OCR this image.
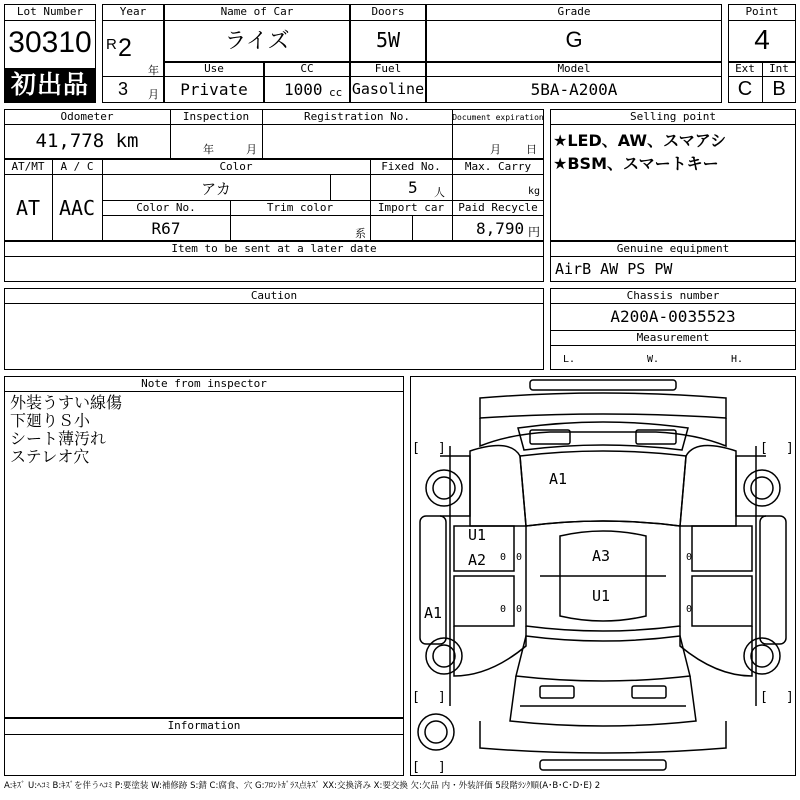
Lot Number
30310
初出品
Year
R 2
年
3 月
Name of Car
ライズ
Doors
5W
Grade
G
Point
4
Use
Private
CC
1000 cc
Fuel
Gasoline
Model
5BA-A200A
Ext	Int
C	B
Odometer
41,778 km
Inspection
年	月
Registration No.	Document expiration
月 日
Selling point
★LED、AW、スマアシ
★BSM、スマートキー
AT/MT
AT
A / C
AAC
Color
アカ
Fixed No.
5 人
Max. Carry
kg
Color No.
R67
Trim color
系
Import car	Paid Recycle
8,790 円
Item to be sent at a later date	Genuine equipment
AirB AW PS PW
Caution	Chassis number
A200A-0035523
Measurement
L.	W.	H.
Note from inspector
外装うすい線傷
下廻りＳ小
シート薄汚れ
ステレオ穴
Information
[ ]	[ ]
[ ]	[ ]
[ ]
A1
U1
A2	A3
U1
A1
0
0
0
0
0
0
A:ｷｽﾞ U:ﾍｺﾐ B:ｷｽﾞを伴うﾍｺﾐ P:要塗装 W:補修跡 S:錆 C:腐食、穴 G:ﾌﾛﾝﾄｶﾞﾗｽ点ｷｽﾞ XX:交換済み X:要交換 欠:欠品 内・外装評価 5段階ﾗﾝｸ順(A･B･C･D･E) 2
